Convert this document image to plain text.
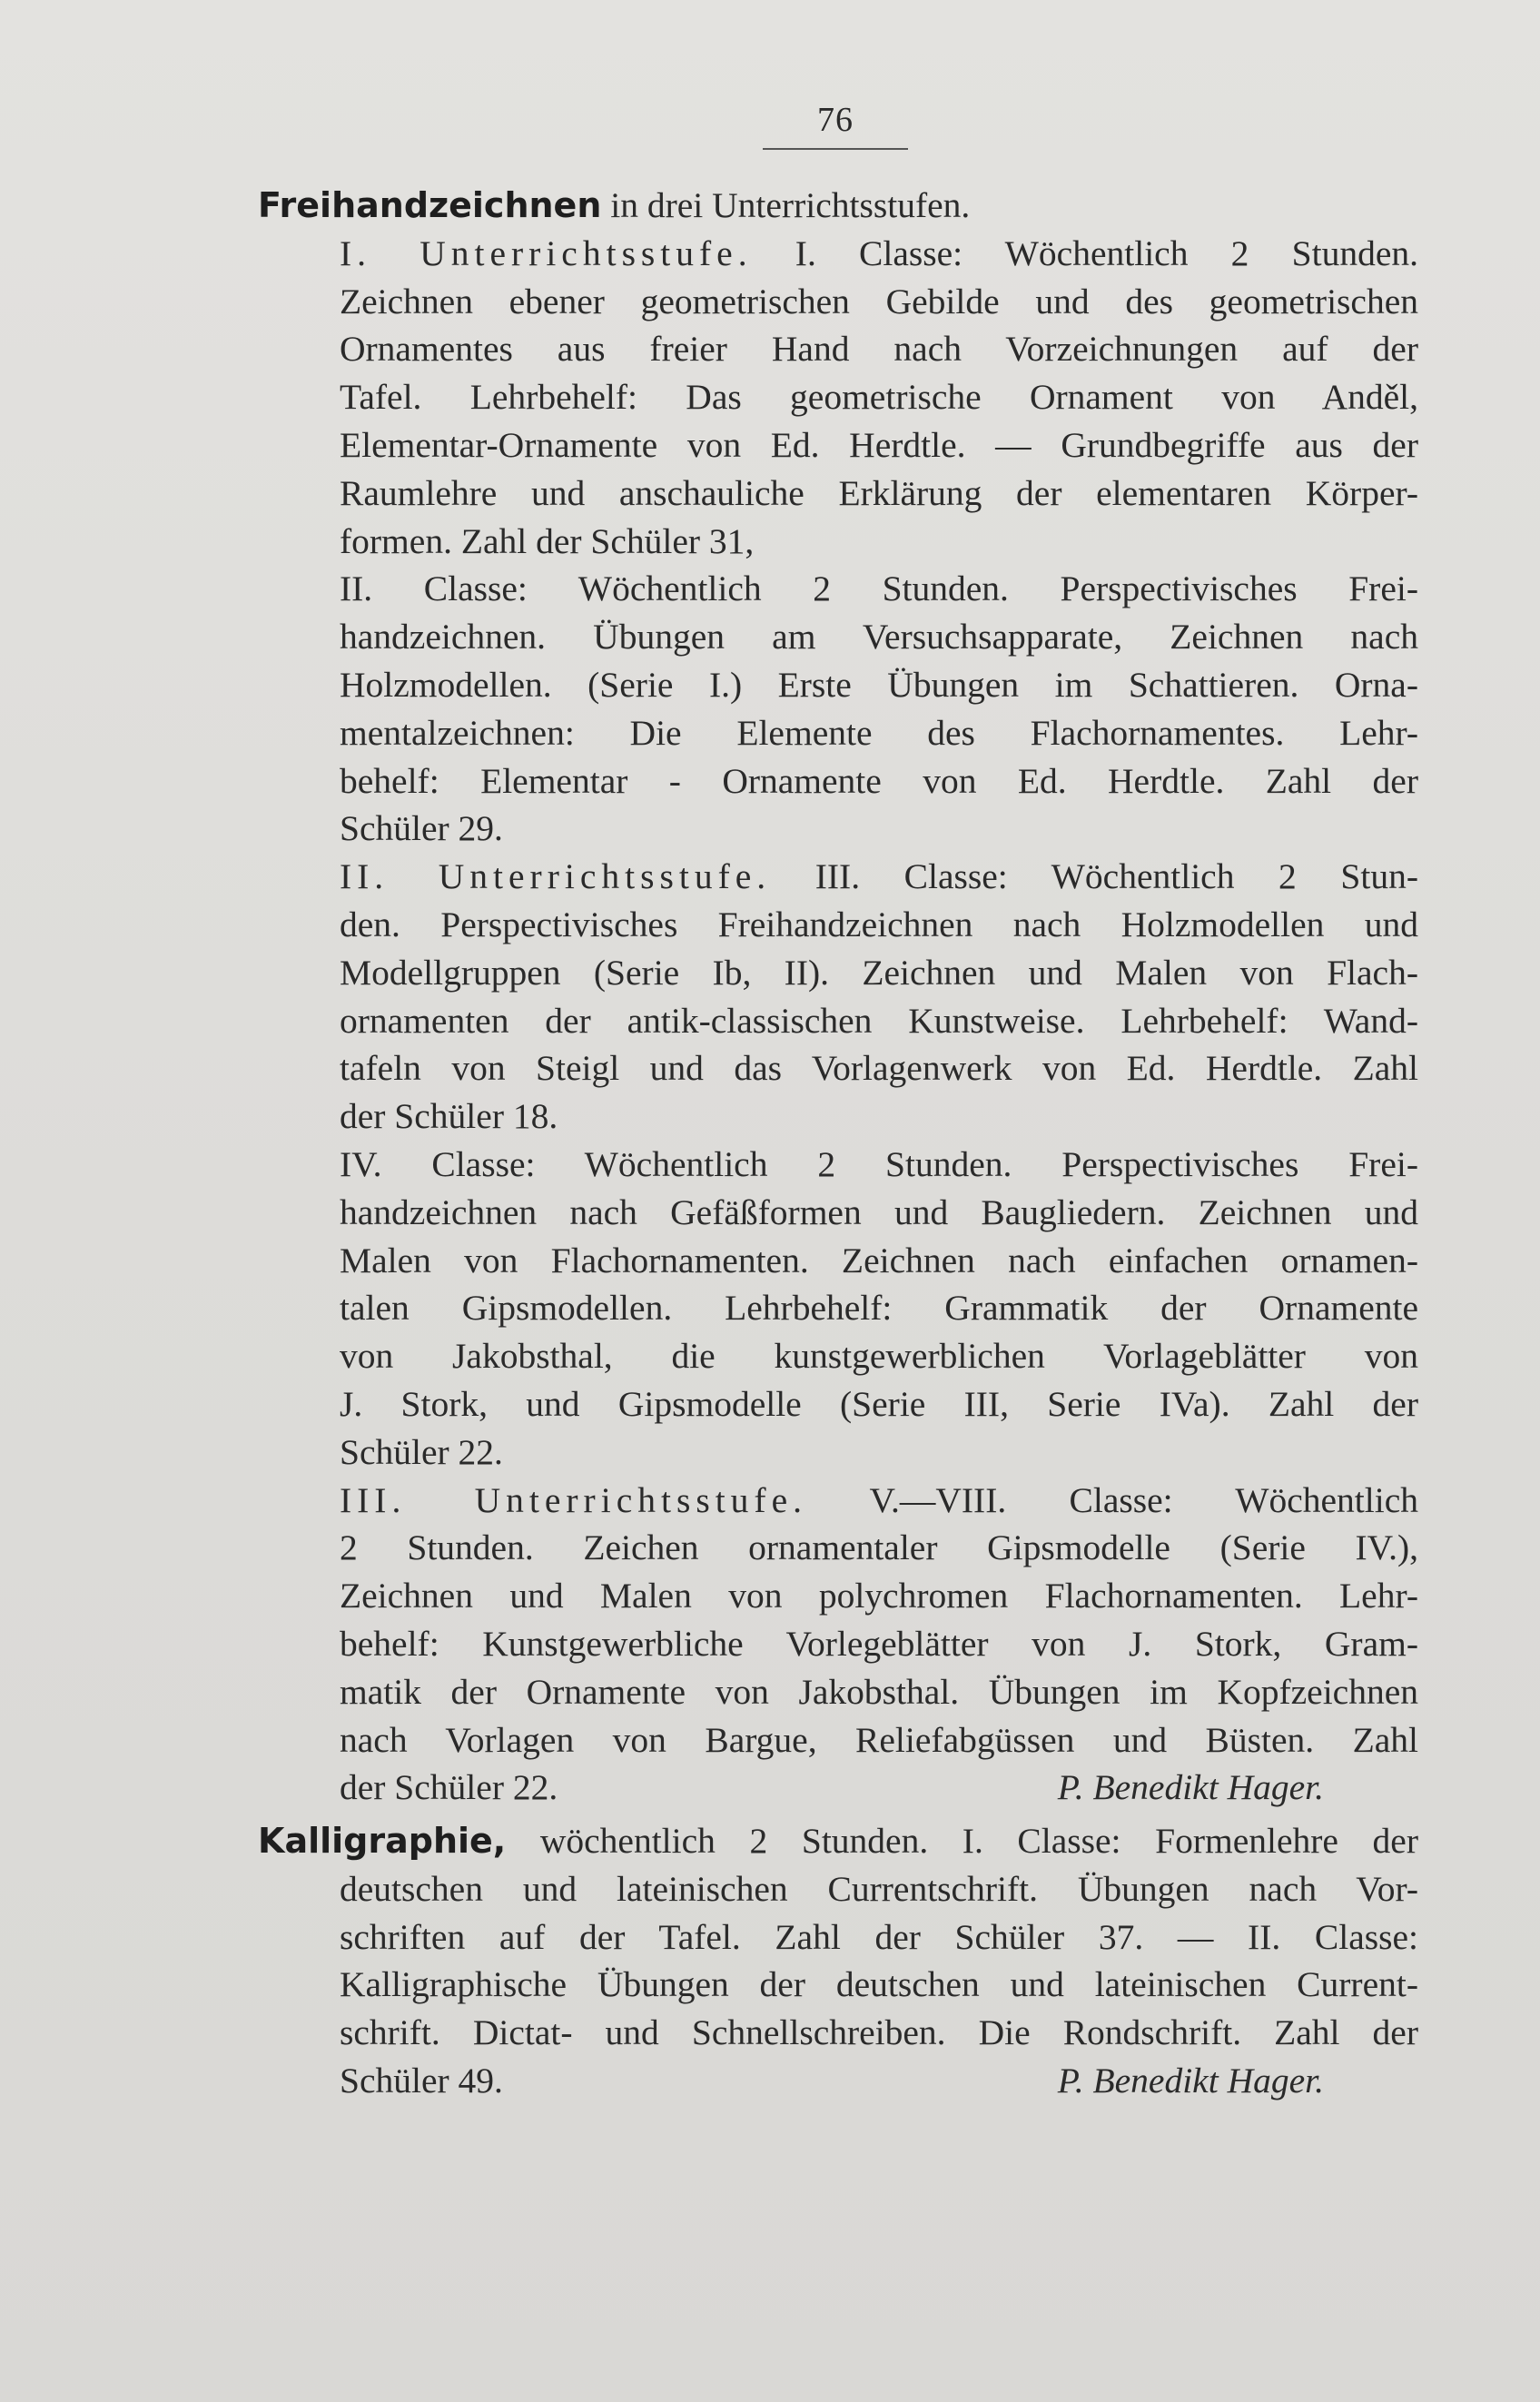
76
Freihandzeichnen in drei Unterrichtsstufen.
I. Unterrichtsstufe. I. Classe: Wöchentlich 2 Stunden.
Zeichnen ebener geometrischen Gebilde und des geometrischen
Ornamentes aus freier Hand nach Vorzeichnungen auf der
Tafel. Lehrbehelf: Das geometrische Ornament von Anděl,
Elementar-Ornamente von Ed. Herdtle. — Grundbegriffe aus der
Raumlehre und anschauliche Erklärung der elementaren Körper-
formen. Zahl der Schüler 31,
II. Classe: Wöchentlich 2 Stunden. Perspectivisches Frei-
handzeichnen. Übungen am Versuchsapparate, Zeichnen nach
Holzmodellen. (Serie I.) Erste Übungen im Schattieren. Orna-
mentalzeichnen: Die Elemente des Flachornamentes. Lehr-
behelf: Elementar - Ornamente von Ed. Herdtle. Zahl der
Schüler 29.
II. Unterrichtsstufe. III. Classe: Wöchentlich 2 Stun-
den. Perspectivisches Freihandzeichnen nach Holzmodellen und
Modellgruppen (Serie Ib, II). Zeichnen und Malen von Flach-
ornamenten der antik-classischen Kunstweise. Lehrbehelf: Wand-
tafeln von Steigl und das Vorlagenwerk von Ed. Herdtle. Zahl
der Schüler 18.
IV. Classe: Wöchentlich 2 Stunden. Perspectivisches Frei-
handzeichnen nach Gefäßformen und Baugliedern. Zeichnen und
Malen von Flachornamenten. Zeichnen nach einfachen ornamen-
talen Gipsmodellen. Lehrbehelf: Grammatik der Ornamente
von Jakobsthal, die kunstgewerblichen Vorlageblätter von
J. Stork, und Gipsmodelle (Serie III, Serie IVa). Zahl der
Schüler 22.
III. Unterrichtsstufe. V.—VIII. Classe: Wöchentlich
2 Stunden. Zeichen ornamentaler Gipsmodelle (Serie IV.),
Zeichnen und Malen von polychromen Flachornamenten. Lehr-
behelf: Kunstgewerbliche Vorlegeblätter von J. Stork, Gram-
matik der Ornamente von Jakobsthal. Übungen im Kopfzeichnen
nach Vorlagen von Bargue, Reliefabgüssen und Büsten. Zahl
der Schüler 22.	P. Benedikt Hager.
Kalligraphie, wöchentlich 2 Stunden. I. Classe: Formenlehre der
deutschen und lateinischen Currentschrift. Übungen nach Vor-
schriften auf der Tafel. Zahl der Schüler 37. — II. Classe:
Kalligraphische Übungen der deutschen und lateinischen Current-
schrift. Dictat- und Schnellschreiben. Die Rondschrift. Zahl der
Schüler 49.	P. Benedikt Hager.
